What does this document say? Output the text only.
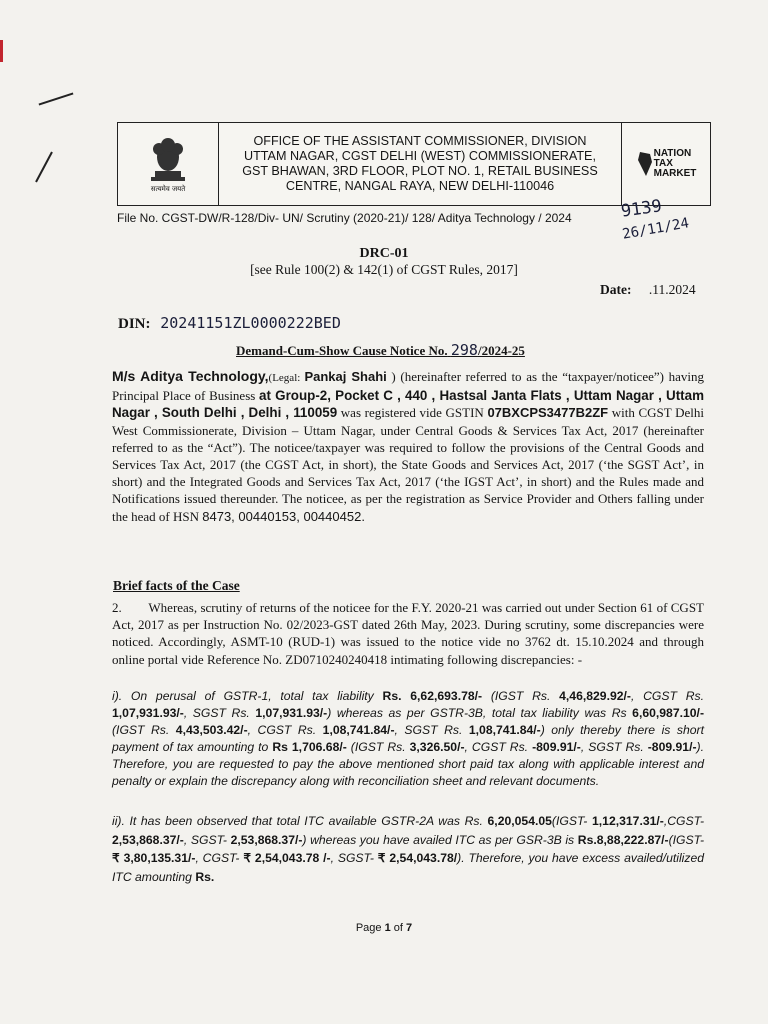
सत्यमेव जयते
OFFICE OF THE ASSISTANT COMMISSIONER, DIVISION
UTTAM NAGAR, CGST DELHI (WEST) COMMISSIONERATE,
GST BHAWAN, 3RD FLOOR, PLOT NO. 1, RETAIL BUSINESS
CENTRE, NANGAL RAYA, NEW DELHI-110046
NATION
TAX
MARKET
File No. CGST-DW/R-128/Div- UN/ Scrutiny (2020-21)/ 128/ Aditya Technology / 2024	9139
26/11/24
DRC-01
[see Rule 100(2) & 142(1) of CGST Rules, 2017]
Date: .11.2024
DIN: 20241151ZL0000222BED
Demand-Cum-Show Cause Notice No. 298/2024-25

M/s Aditya Technology,(Legal: Pankaj Shahi ) (hereinafter referred to as the “taxpayer/noticee”) having Principal Place of Business at Group-2, Pocket C , 440 , Hastsal Janta Flats , Uttam Nagar , Uttam Nagar , South Delhi , Delhi , 110059 was registered vide GSTIN 07BXCPS3477B2ZF with CGST Delhi West Commissionerate, Division – Uttam Nagar, under Central Goods & Services Tax Act, 2017 (hereinafter referred to as the “Act”). The noticee/taxpayer was required to follow the provisions of the Central Goods and Services Tax Act, 2017 (the CGST Act, in short), the State Goods and Services Act, 2017 (‘the SGST Act’, in short) and the Integrated Goods and Services Tax Act, 2017 (‘the IGST Act’, in short) and the Rules made and Notifications issued thereunder. The noticee, as per the registration as Service Provider and Others falling under the head of HSN 8473, 00440153, 00440452.

Brief facts of the Case

2.        Whereas, scrutiny of returns of the noticee for the F.Y. 2020-21 was carried out under Section 61 of CGST Act, 2017 as per Instruction No. 02/2023-GST dated 26th May, 2023. During scrutiny, some discrepancies were noticed. Accordingly, ASMT-10 (RUD-1) was issued to the notice vide no 3762 dt. 15.10.2024 and through online portal vide Reference No. ZD0710240240418 intimating following discrepancies: -

i). On perusal of GSTR-1, total tax liability Rs. 6,62,693.78/- (IGST Rs. 4,46,829.92/-, CGST Rs. 1,07,931.93/-, SGST Rs. 1,07,931.93/-) whereas as per GSTR-3B, total tax liability was Rs 6,60,987.10/- (IGST Rs. 4,43,503.42/-, CGST Rs. 1,08,741.84/-, SGST Rs. 1,08,741.84/-) only thereby there is short payment of tax amounting to Rs 1,706.68/- (IGST Rs. 3,326.50/-, CGST Rs. -809.91/-, SGST Rs. -809.91/-). Therefore, you are requested to pay the above mentioned short paid tax along with applicable interest and penalty or explain the discrepancy along with reconciliation sheet and relevant documents.

ii). It has been observed that total ITC available GSTR-2A was Rs. 6,20,054.05(IGST- 1,12,317.31/-,CGST- 2,53,868.37/-, SGST- 2,53,868.37/-) whereas you have availed ITC as per GSR-3B is Rs.8,88,222.87/-(IGST- ₹ 3,80,135.31/-, CGST- ₹ 2,54,043.78 /-, SGST- ₹ 2,54,043.78/). Therefore, you have excess availed/utilized ITC amounting Rs.

Page 1 of 7
